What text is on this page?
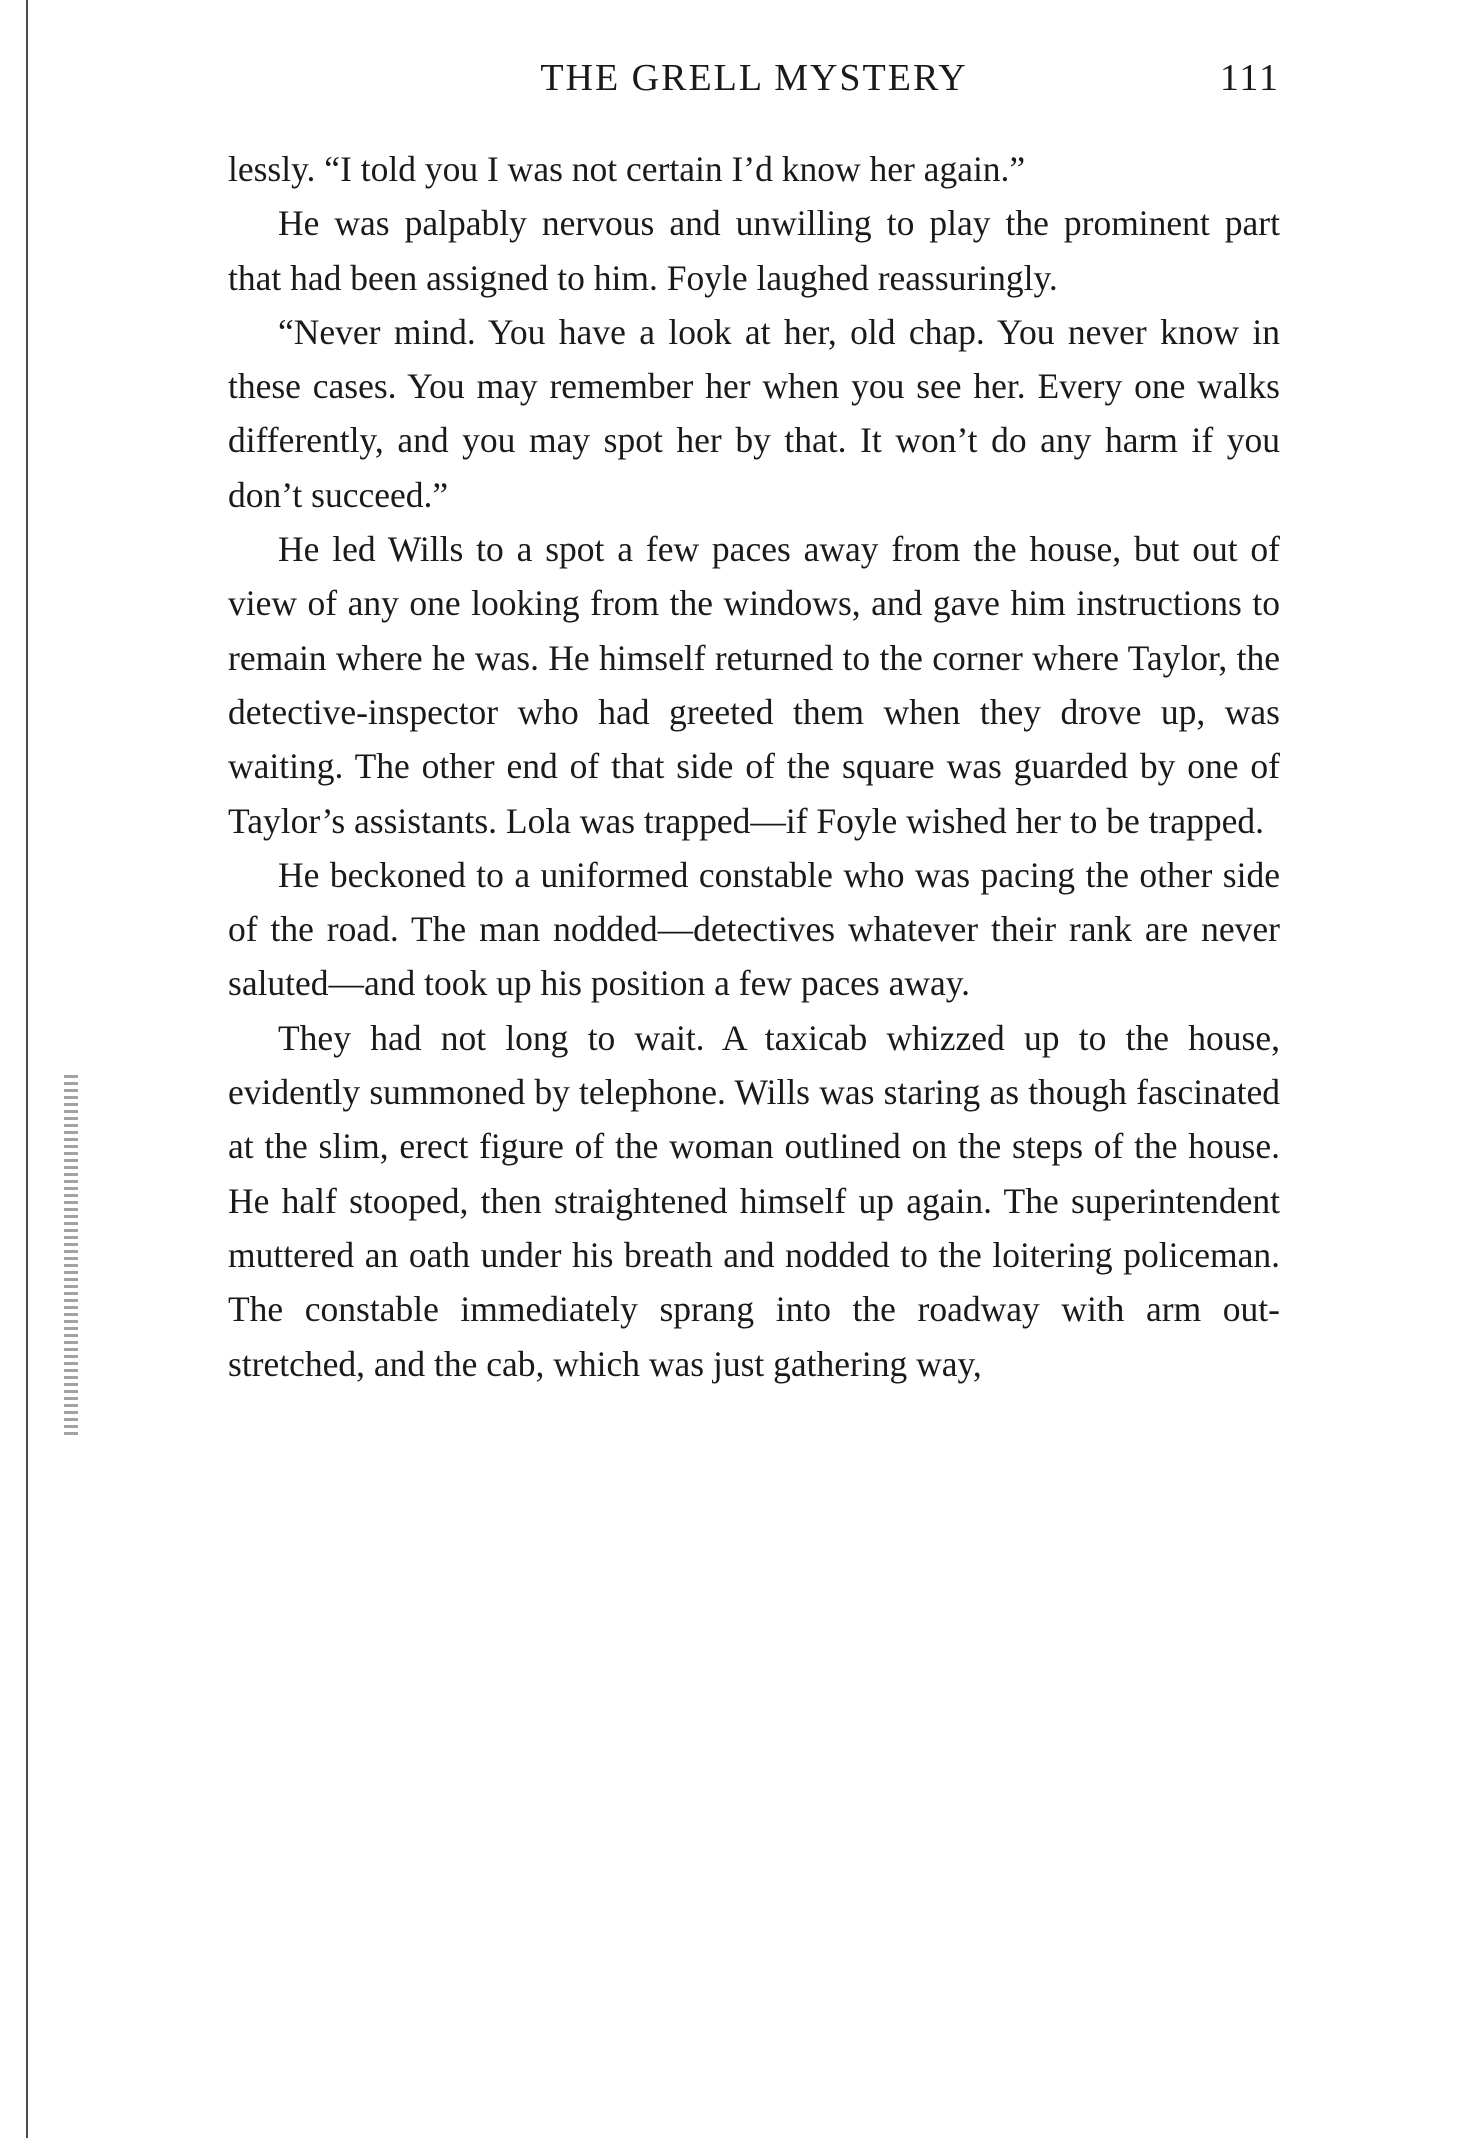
THE GRELL MYSTERY	111

lessly. “I told you I was not certain I’d know her again.”

He was palpably nervous and unwilling to play the prominent part that had been assigned to him. Foyle laughed reassuringly.

“Never mind. You have a look at her, old chap. You never know in these cases. You may remember her when you see her. Every one walks differently, and you may spot her by that. It won’t do any harm if you don’t succeed.”

He led Wills to a spot a few paces away from the house, but out of view of any one looking from the windows, and gave him instructions to remain where he was. He himself returned to the corner where Taylor, the detective-inspector who had greeted them when they drove up, was waiting. The other end of that side of the square was guarded by one of Taylor’s assistants. Lola was trapped—if Foyle wished her to be trapped.

He beckoned to a uniformed constable who was pacing the other side of the road. The man nodded—detectives whatever their rank are never saluted—and took up his position a few paces away.

They had not long to wait. A taxicab whizzed up to the house, evidently summoned by telephone. Wills was staring as though fascinated at the slim, erect figure of the woman outlined on the steps of the house. He half stooped, then straightened himself up again. The superintendent muttered an oath under his breath and nodded to the loitering policeman. The constable immediately sprang into the roadway with arm outstretched, and the cab, which was just gathering way,
